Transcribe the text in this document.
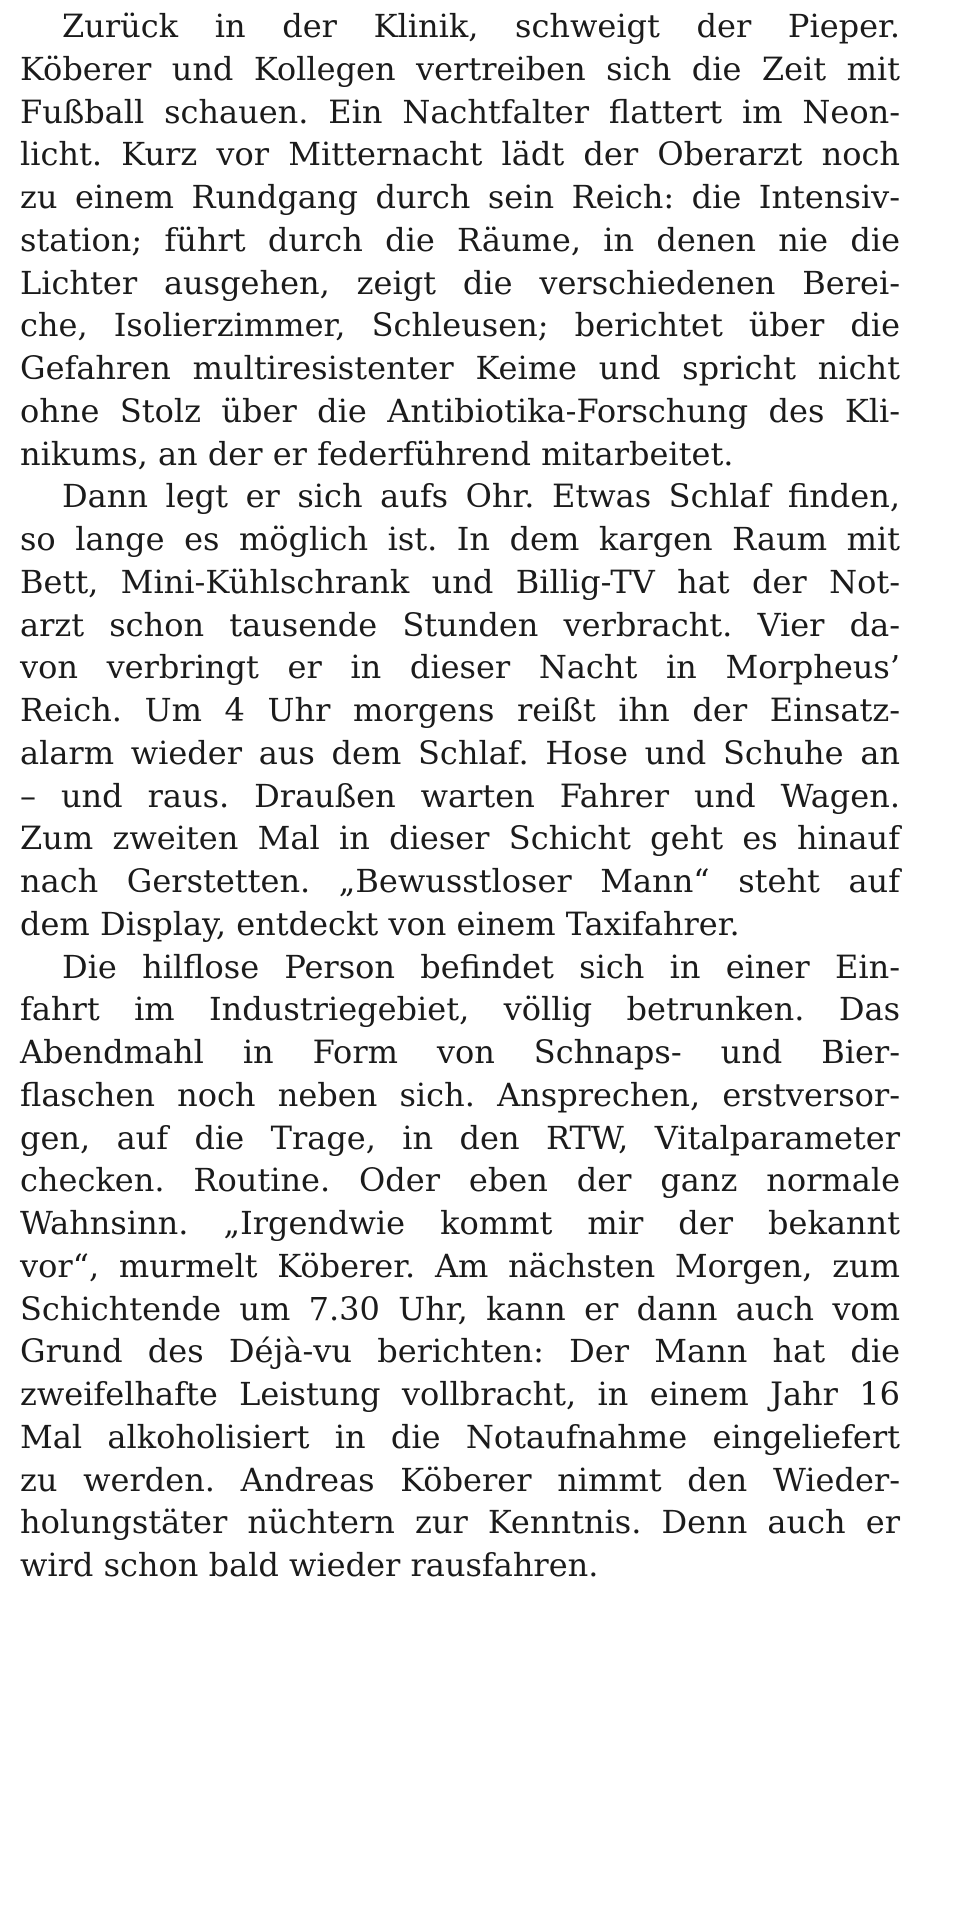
Zurück in der Klinik, schweigt der Pieper.
Köberer und Kollegen vertreiben sich die Zeit mit
Fußball schauen. Ein Nachtfalter flattert im Neon-
licht. Kurz vor Mitternacht lädt der Oberarzt noch
zu einem Rundgang durch sein Reich: die Intensiv-
station; führt durch die Räume, in denen nie die
Lichter ausgehen, zeigt die verschiedenen Berei-
che, Isolierzimmer, Schleusen; berichtet über die
Gefahren multiresistenter Keime und spricht nicht
ohne Stolz über die Antibiotika-Forschung des Kli-
nikums, an der er federführend mitarbeitet.
Dann legt er sich aufs Ohr. Etwas Schlaf finden,
so lange es möglich ist. In dem kargen Raum mit
Bett, Mini-Kühlschrank und Billig-TV hat der Not-
arzt schon tausende Stunden verbracht. Vier da-
von verbringt er in dieser Nacht in Morpheus’
Reich. Um 4 Uhr morgens reißt ihn der Einsatz-
alarm wieder aus dem Schlaf. Hose und Schuhe an
– und raus. Draußen warten Fahrer und Wagen.
Zum zweiten Mal in dieser Schicht geht es hinauf
nach Gerstetten. „Bewusstloser Mann“ steht auf
dem Display, entdeckt von einem Taxifahrer.
Die hilflose Person befindet sich in einer Ein-
fahrt im Industriegebiet, völlig betrunken. Das
Abendmahl in Form von Schnaps- und Bier-
flaschen noch neben sich. Ansprechen, erstversor-
gen, auf die Trage, in den RTW, Vitalparameter
checken. Routine. Oder eben der ganz normale
Wahnsinn. „Irgendwie kommt mir der bekannt
vor“, murmelt Köberer. Am nächsten Morgen, zum
Schichtende um 7.30 Uhr, kann er dann auch vom
Grund des Déjà-vu berichten: Der Mann hat die
zweifelhafte Leistung vollbracht, in einem Jahr 16
Mal alkoholisiert in die Notaufnahme eingeliefert
zu werden. Andreas Köberer nimmt den Wieder-
holungstäter nüchtern zur Kenntnis. Denn auch er
wird schon bald wieder rausfahren.
